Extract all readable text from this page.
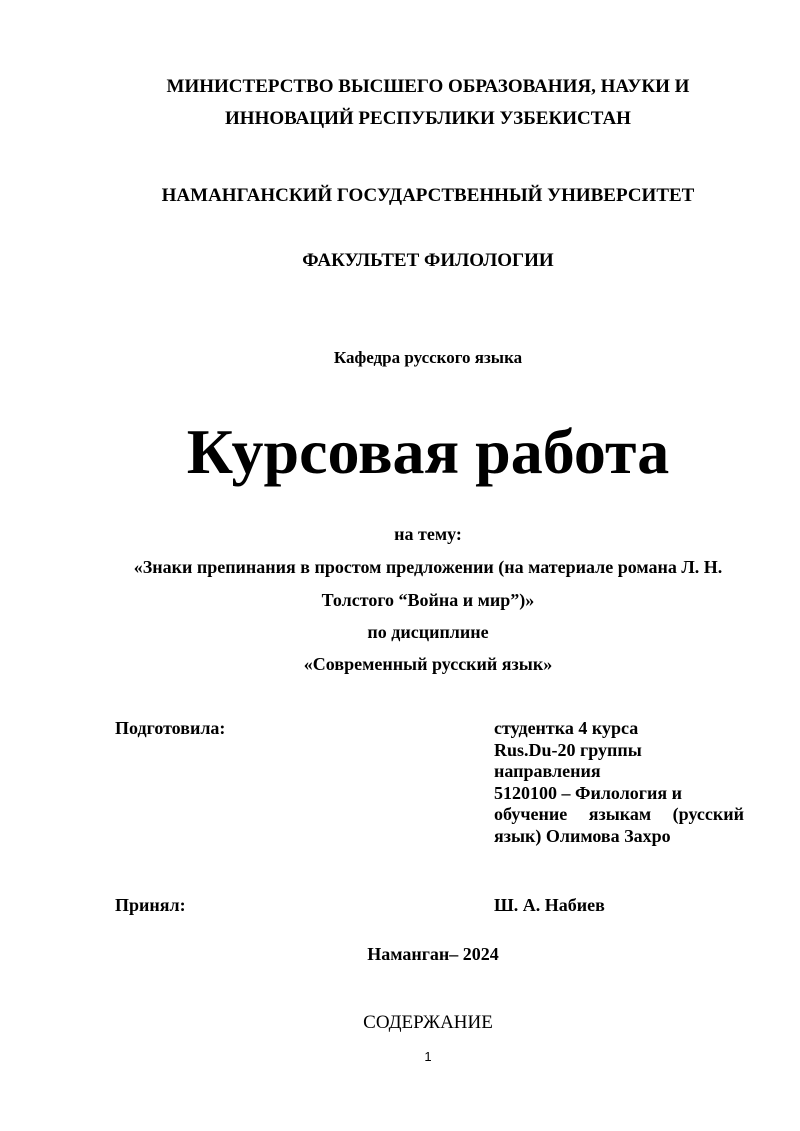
МИНИСТЕРСТВО ВЫСШЕГО ОБРАЗОВАНИЯ, НАУКИ И
ИННОВАЦИЙ РЕСПУБЛИКИ УЗБЕКИСТАН
НАМАНГАНСКИЙ ГОСУДАРСТВЕННЫЙ УНИВЕРСИТЕТ
ФАКУЛЬТЕТ ФИЛОЛОГИИ
Кафедра русского языка
Курсовая работа
на тему:
«Знаки препинания в простом предложении (на материале романа Л. Н.
Толстого “Война и мир”)»
по дисциплине
«Современный русский язык»
Подготовила:	студентка 4 курса
Rus.Du-20 группы
направления
5120100 – Филология и
обучение языкам (русский
язык) Олимова Захро
Принял:	Ш. А. Набиев
Наманган– 2024
СОДЕРЖАНИЕ
1
